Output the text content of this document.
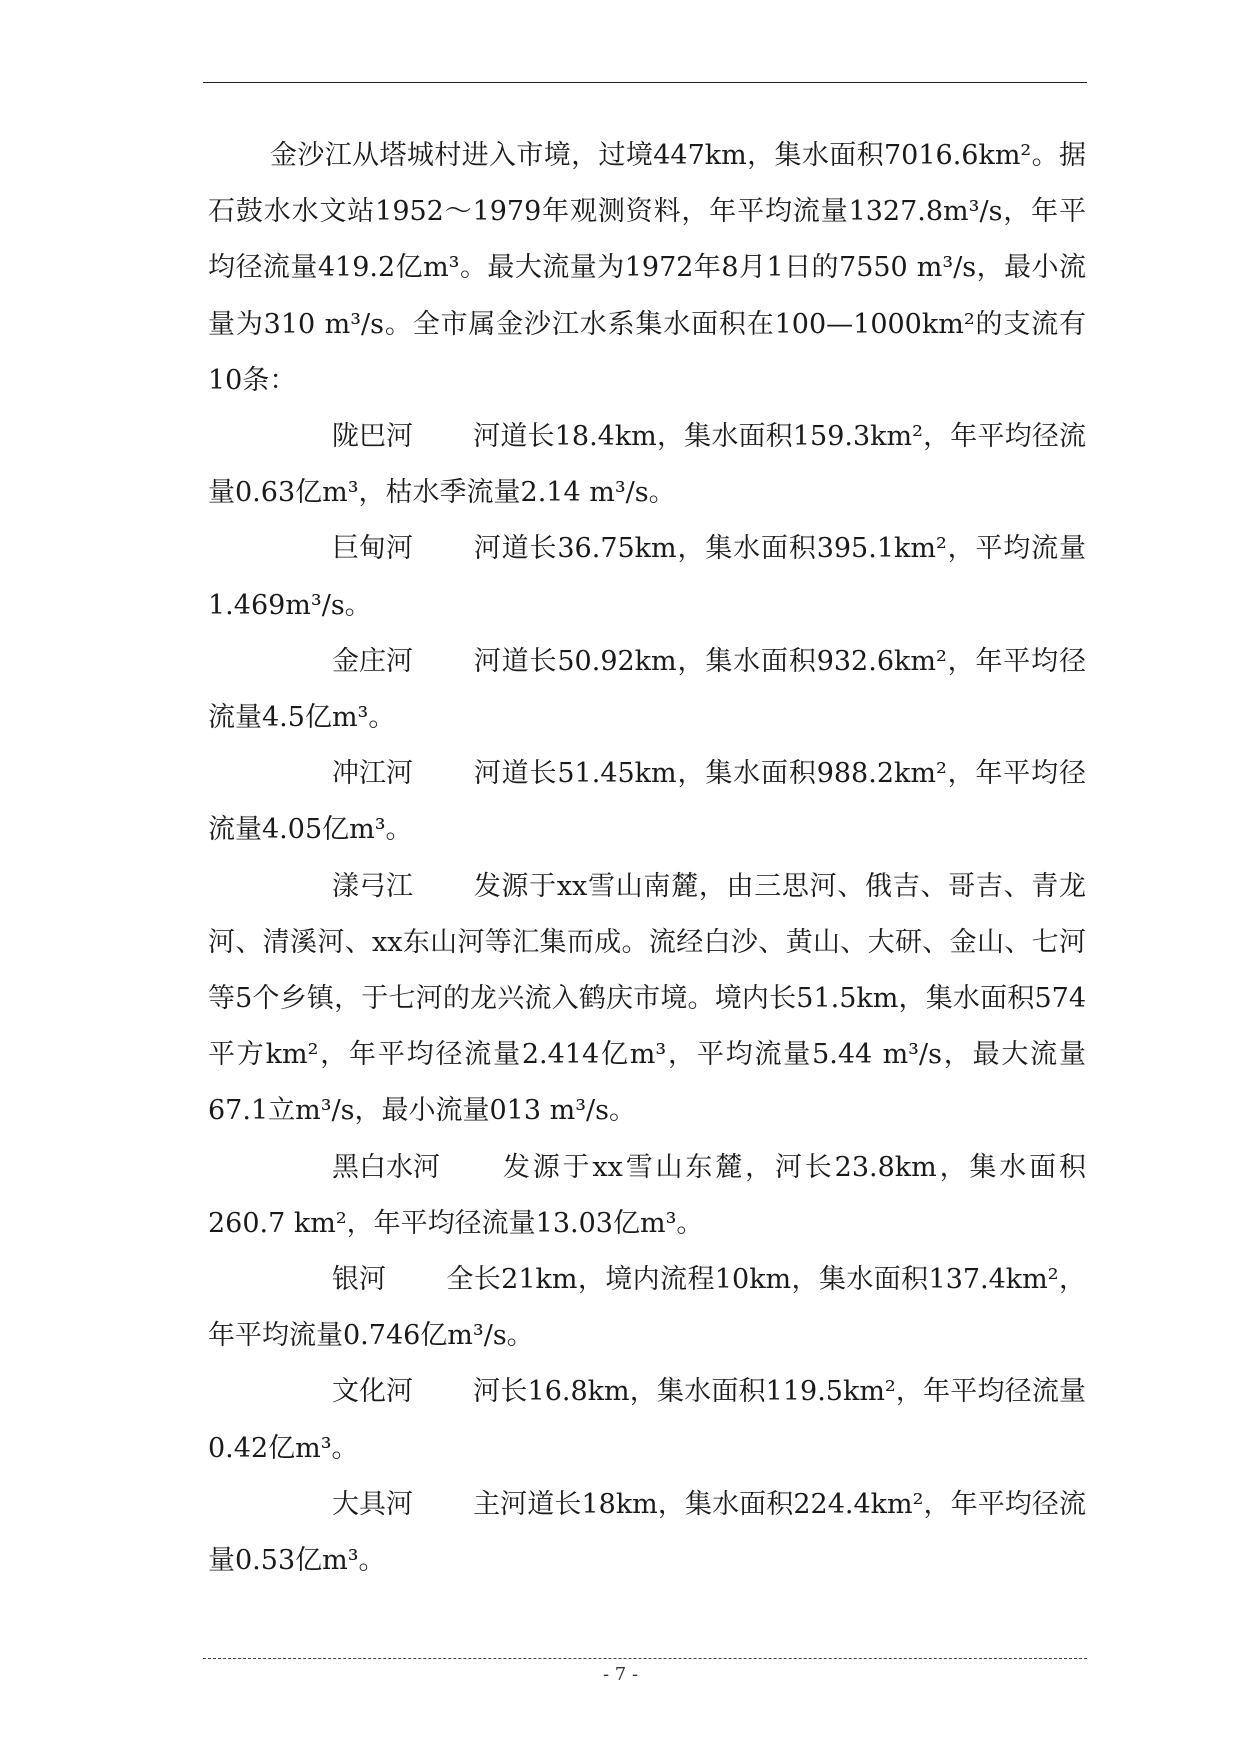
金沙江从塔城村进入市境，过境447km，集水面积7016.6km²。据石鼓水水文站1952～1979年观测资料，年平均流量1327.8m³/s，年平均径流量419.2亿m³。最大流量为1972年8月1日的7550 m³/s，最小流量为310 m³/s。全市属金沙江水系集水面积在100—1000km²的支流有10条：

陇巴河 河道长18.4km，集水面积159.3km²，年平均径流量0.63亿m³，枯水季流量2.14 m³/s。

巨甸河 河道长36.75km，集水面积395.1km²，平均流量1.469m³/s。

金庄河 河道长50.92km，集水面积932.6km²，年平均径流量4.5亿m³。

冲江河 河道长51.45km，集水面积988.2km²，年平均径流量4.05亿m³。

漾弓江 发源于xx雪山南麓，由三思河、俄吉、哥吉、青龙河、清溪河、xx东山河等汇集而成。流经白沙、黄山、大研、金山、七河等5个乡镇，于七河的龙兴流入鹤庆市境。境内长51.5km，集水面积574平方km²，年平均径流量2.414亿m³，平均流量5.44 m³/s，最大流量67.1立m³/s，最小流量013 m³/s。

黑白水河 发源于xx雪山东麓，河长23.8km，集水面积260.7 km²，年平均径流量13.03亿m³。

银河 全长21km，境内流程10km，集水面积137.4km²，年平均流量0.746亿m³/s。

文化河 河长16.8km，集水面积119.5km²，年平均径流量0.42亿m³。

大具河 主河道长18km，集水面积224.4km²，年平均径流量0.53亿m³。

- 7 -
